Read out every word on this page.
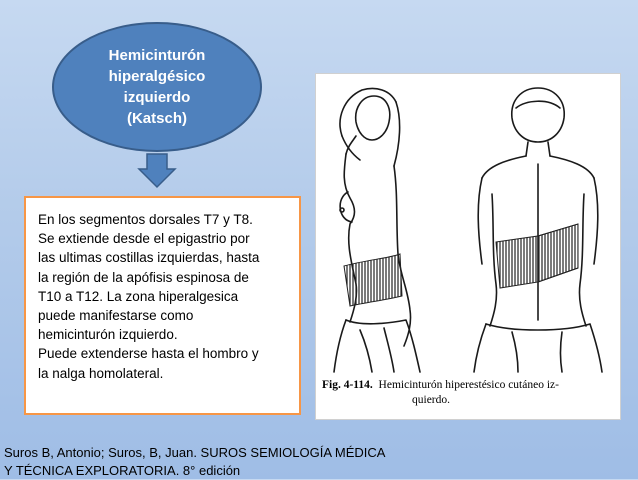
Hemicinturón
hiperalgésico
izquierdo
(Katsch)
En los segmentos dorsales T7 y T8.
Se extiende desde el epigastrio por
las ultimas costillas izquierdas, hasta
la región de la apófisis espinosa de
T10 a T12. La zona hiperalgesica
puede manifestarse como
hemicinturón izquierdo.
Puede extenderse hasta el hombro y
la nalga homolateral.
Fig. 4-114. Hemicinturón hiperestésico cutáneo iz-
quierdo.
Suros B, Antonio; Suros, B, Juan. SUROS SEMIOLOGÍA MÉDICA
Y TÉCNICA EXPLORATORIA. 8° edición
